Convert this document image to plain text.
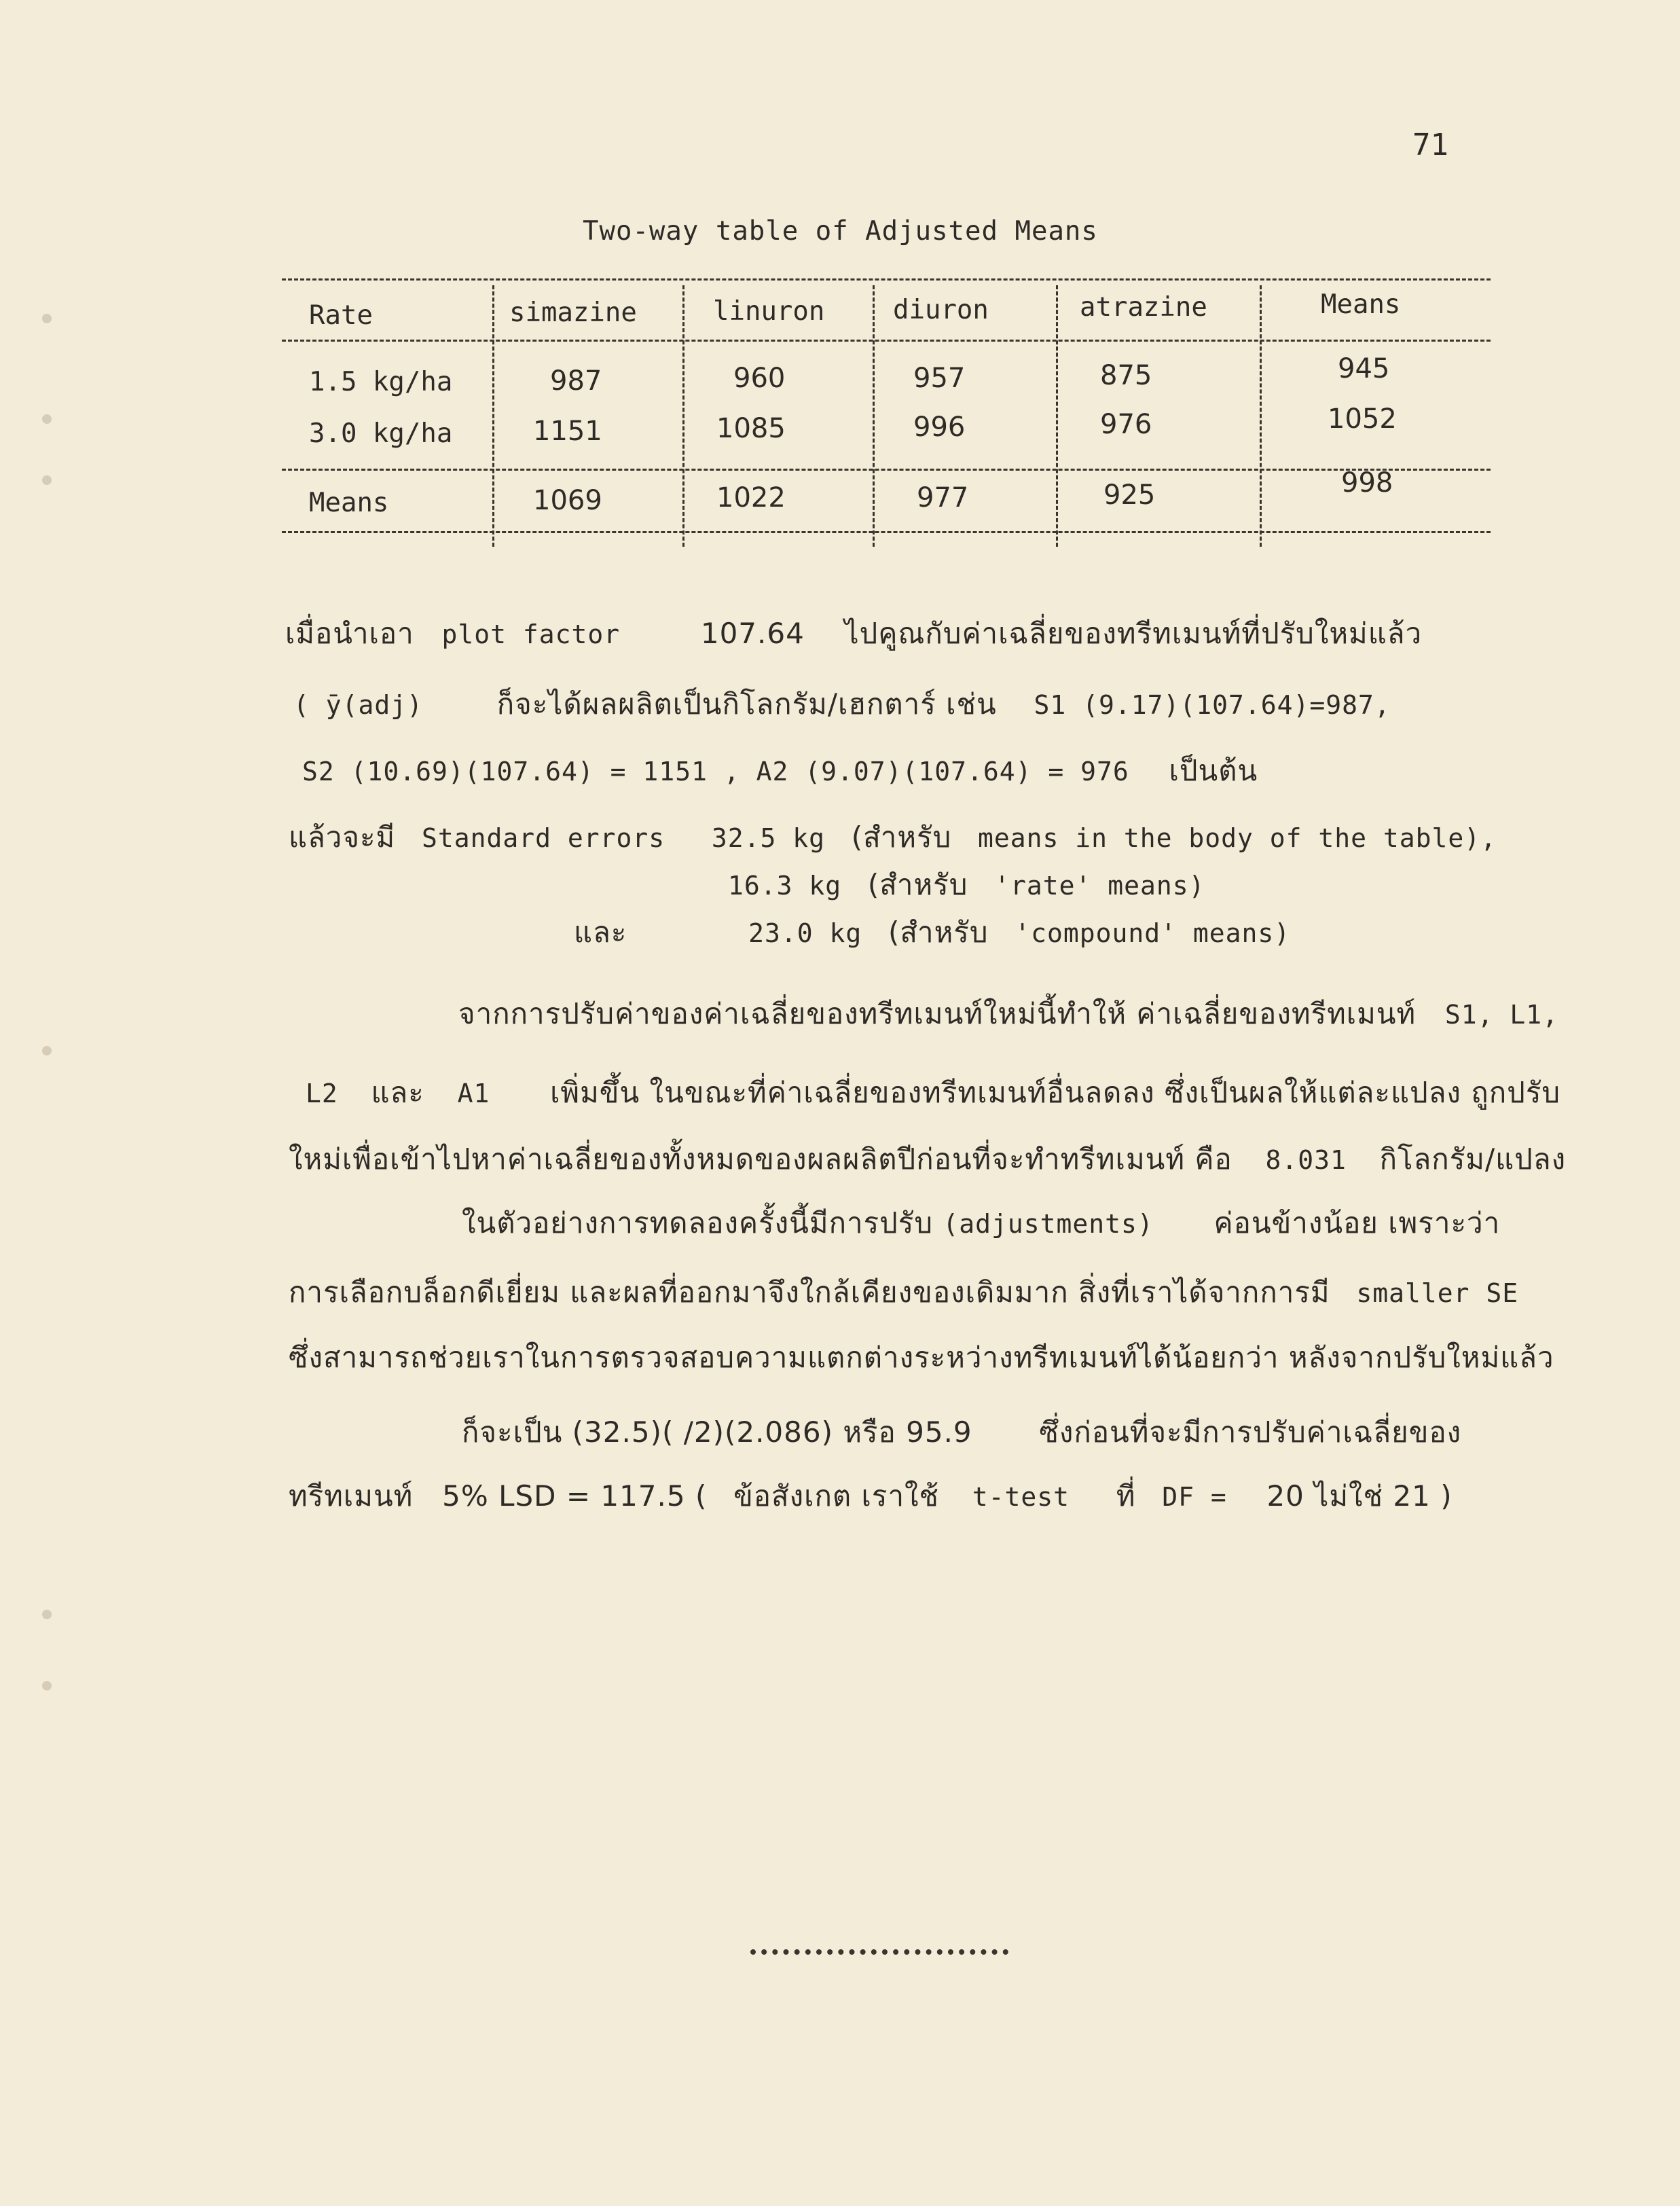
71
Two-way table of Adjusted Means
Rate	simazine	linuron	diuron	atrazine	Means
1.5 kg/ha	987	960	957	875	945
3.0 kg/ha	1151	1085	996	976	1052
Means	1069	1022	977	925	998
เมื่อนำเอา plot factor	107.64 ไปคูณกับค่าเฉลี่ยของทรีทเมนท์ที่ปรับใหม่แล้ว
( ȳ(adj)	ก็จะได้ผลผลิตเป็นกิโลกรัม/เฮกตาร์ เช่น S1 (9.17)(107.64)=987,
S2 (10.69)(107.64) = 1151 , A2 (9.07)(107.64) = 976 เป็นต้น
แล้วจะมี Standard errors 32.5 kg (สำหรับ means in the body of the table),
16.3 kg (สำหรับ 'rate' means)
และ	23.0 kg (สำหรับ 'compound' means)
จากการปรับค่าของค่าเฉลี่ยของทรีทเมนท์ใหม่นี้ทำให้ ค่าเฉลี่ยของทรีทเมนท์ S1, L1,
L2 และ A1 เพิ่มขึ้น ในขณะที่ค่าเฉลี่ยของทรีทเมนท์อื่นลดลง ซึ่งเป็นผลให้แต่ละแปลง ถูกปรับ
ใหม่เพื่อเข้าไปหาค่าเฉลี่ยของทั้งหมดของผลผลิตปีก่อนที่จะทำทรีทเมนท์ คือ 8.031 กิโลกรัม/แปลง
ในตัวอย่างการทดลองครั้งนี้มีการปรับ (adjustments) ค่อนข้างน้อย เพราะว่า
การเลือกบล็อกดีเยี่ยม และผลที่ออกมาจึงใกล้เคียงของเดิมมาก สิ่งที่เราได้จากการมี smaller SE
ซึ่งสามารถช่วยเราในการตรวจสอบความแตกต่างระหว่างทรีทเมนท์ได้น้อยกว่า หลังจากปรับใหม่แล้ว
ก็จะเป็น (32.5)( /2)(2.086) หรือ 95.9 ซึ่งก่อนที่จะมีการปรับค่าเฉลี่ยของ
ทรีทเมนท์ 5% LSD = 117.5 ( ข้อสังเกต เราใช้ t-test ที่ DF = 20 ไม่ใช่ 21 )
